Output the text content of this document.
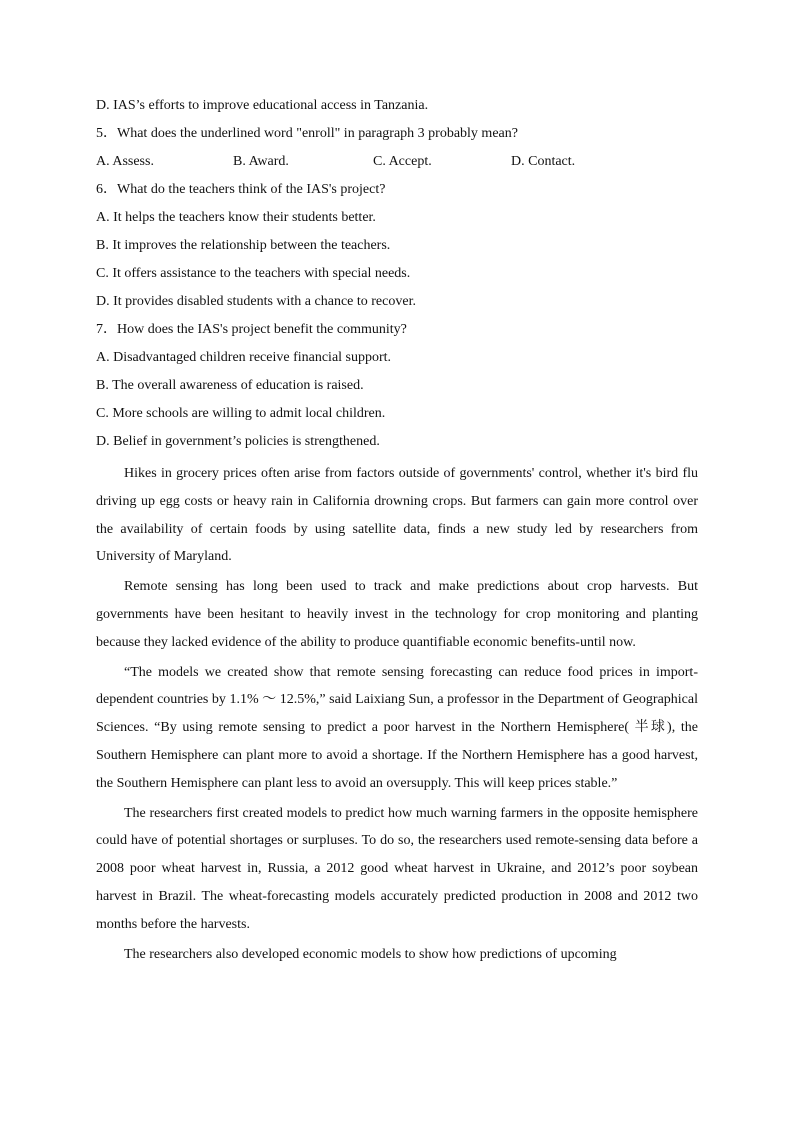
D. IAS’s efforts to improve educational access in Tanzania.
5．What does the underlined word "enroll" in paragraph 3 probably mean?
A. Assess.	B. Award.	C. Accept.	D. Contact.
6．What do the teachers think of the IAS's project?
A. It helps the teachers know their students better.
B. It improves the relationship between the teachers.
C. It offers assistance to the teachers with special needs.
D. It provides disabled students with a chance to recover.
7．How does the IAS's project benefit the community?
A. Disadvantaged children receive financial support.
B. The overall awareness of education is raised.
C. More schools are willing to admit local children.
D. Belief in government’s policies is strengthened.

Hikes in grocery prices often arise from factors outside of governments' control, whether it's bird flu driving up egg costs or heavy rain in California drowning crops. But farmers can gain more control over the availability of certain foods by using satellite data, finds a new study led by researchers from University of Maryland.

Remote sensing has long been used to track and make predictions about crop harvests. But governments have been hesitant to heavily invest in the technology for crop monitoring and planting because they lacked evidence of the ability to produce quantifiable economic benefits-until now.

“The models we created show that remote sensing forecasting can reduce food prices in import-dependent countries by 1.1% ～ 12.5%,” said Laixiang Sun, a professor in the Department of Geographical Sciences. “By using remote sensing to predict a poor harvest in the Northern Hemisphere( 半球), the Southern Hemisphere can plant more to avoid a shortage. If the Northern Hemisphere has a good harvest, the Southern Hemisphere can plant less to avoid an oversupply. This will keep prices stable.”

The researchers first created models to predict how much warning farmers in the opposite hemisphere could have of potential shortages or surpluses. To do so, the researchers used remote-sensing data before a 2008 poor wheat harvest in, Russia, a 2012 good wheat harvest in Ukraine, and 2012’s poor soybean harvest in Brazil. The wheat-forecasting models accurately predicted production in 2008 and 2012 two months before the harvests.

The researchers also developed economic models to show how predictions of upcoming
